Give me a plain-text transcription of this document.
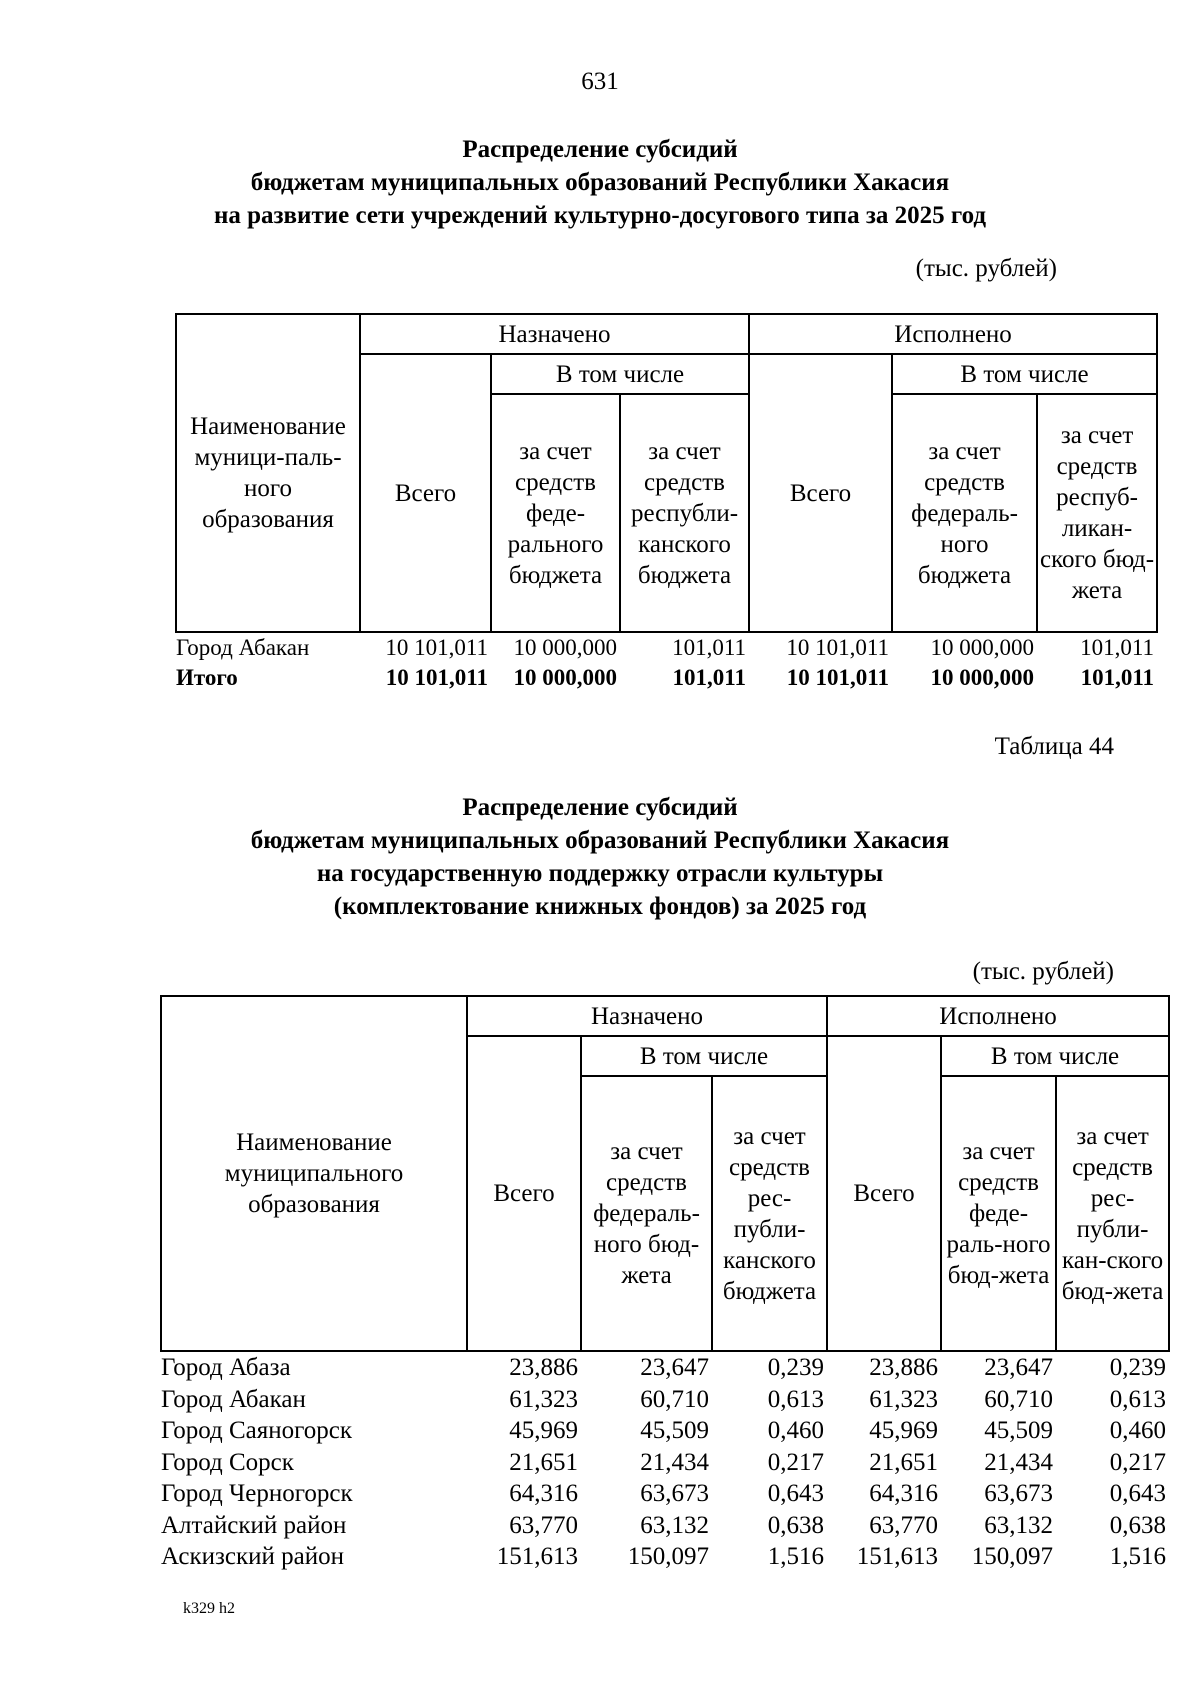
631
Распределение субсидий
бюджетам муниципальных образований Республики Хакасия
на развитие сети учреждений культурно-досугового типа за 2025 год
(тыс. рублей)
Наименование муници-паль-ного образования	Назначено			Исполнено		
	Всего	В том числе		Всего	В том числе	
		за счет средств феде-рального бюджета	за счет средств республи-канского бюджета		за счет средств федераль-ного бюджета	за счет средств респуб-ликан-ского бюд-жета
Город Абакан	10 101,011	10 000,000	101,011	10 101,011	10 000,000	101,011
Итого	10 101,011	10 000,000	101,011	10 101,011	10 000,000	101,011
Таблица 44
Распределение субсидий
бюджетам муниципальных образований Республики Хакасия
на государственную поддержку отрасли культуры
(комплектование книжных фондов) за 2025 год
(тыс. рублей)
Наименование муниципального образования	Назначено			Исполнено		
	Всего	В том числе		Всего	В том числе	
		за счет средств федераль-ного бюд-жета	за счет средств рес-публи-канского бюджета		за счет средств феде-раль-ного бюд-жета	за счет средств рес-публи-кан-ского бюд-жета
Город Абаза	23,886	23,647	0,239	23,886	23,647	0,239
Город Абакан	61,323	60,710	0,613	61,323	60,710	0,613
Город Саяногорск	45,969	45,509	0,460	45,969	45,509	0,460
Город Сорск	21,651	21,434	0,217	21,651	21,434	0,217
Город Черногорск	64,316	63,673	0,643	64,316	63,673	0,643
Алтайский район	63,770	63,132	0,638	63,770	63,132	0,638
Аскизский район	151,613	150,097	1,516	151,613	150,097	1,516
k329 h2
